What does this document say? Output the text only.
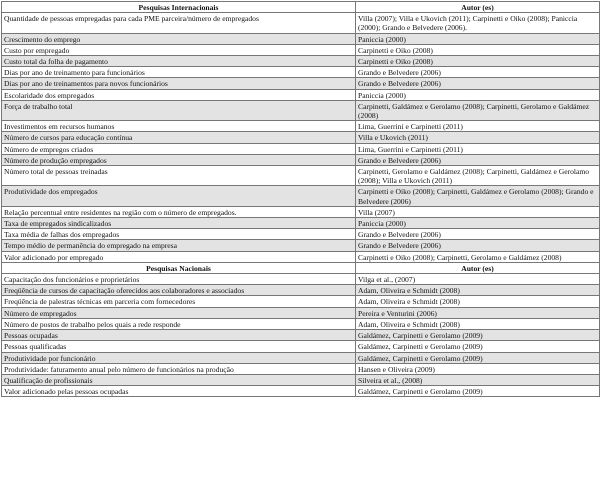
Pesquisas Internacionais	Autor (es)
Quantidade de pessoas empregadas para cada PME parceira/número de empregados	Villa (2007); Villa e Ukovich (2011); Carpinetti e Oiko (2008); Paniccia (2000); Grando e Belvedere (2006).
Crescimento do emprego	Paniccia (2000)
Custo por empregado	Carpinetti e Oiko (2008)
Custo total da folha de pagamento	Carpinetti e Oiko (2008)
Dias por ano de treinamento para funcionários	Grando e Belvedere (2006)
Dias por ano de treinamentos para novos funcionários	Grando e Belvedere (2006)
Escolaridade dos empregados	Paniccia (2000)
Força de trabalho total	Carpinetti, Galdámez e Gerolamo (2008); Carpinetti, Gerolamo e Galdámez (2008)
Investimentos em recursos humanos	Lima, Guerrini e Carpinetti (2011)
Número de cursos para educação contínua	Villa e Ukovich (2011)
Número de empregos criados	Lima, Guerrini e Carpinetti (2011)
Número de produção empregados	Grando e Belvedere (2006)
Número total de pessoas treinadas	Carpinetti, Gerolamo e Galdámez (2008); Carpinetti, Galdámez e Gerolamo (2008); Villa e Ukovich (2011)
Produtividade dos empregados	Carpinetti e Oiko (2008); Carpinetti, Galdámez e Gerolamo (2008); Grando e Belvedere (2006)
Relação percentual entre residentes na região com o número de empregados.	Villa (2007)
Taxa de empregados sindicalizados	Paniccia (2000)
Taxa média de falhas dos empregados	Grando e Belvedere (2006)
Tempo médio de permanência do empregado na empresa	Grando e Belvedere (2006)
Valor adicionado por empregado	Carpinetti e Oiko (2008); Carpinetti, Gerolamo e Galdámez (2008)
Pesquisas Nacionais	Autor (es)
Capacitação dos funcionários e proprietários	Vilga et al., (2007)
Freqüência de cursos de capacitação oferecidos aos colaboradores e associados	Adam, Oliveira e Schmidt (2008)
Freqüência de palestras técnicas em parceria com fornecedores	Adam, Oliveira e Schmidt (2008)
Número de empregados	Pereira e Venturini (2006)
Número de postos de trabalho pelos quais a rede responde	Adam, Oliveira e Schmidt (2008)
Pessoas ocupadas	Galdámez, Carpinetti e Gerolamo (2009)
Pessoas qualificadas	Galdámez, Carpinetti e Gerolamo (2009)
Produtividade por funcionário	Galdámez, Carpinetti e Gerolamo (2009)
Produtividade: faturamento anual pelo número de funcionários na produção	Hansen e Oliveira (2009)
Qualificação de profissionais	Silveira et al., (2008)
Valor adicionado pelas pessoas ocupadas	Galdámez, Carpinetti e Gerolamo (2009)
